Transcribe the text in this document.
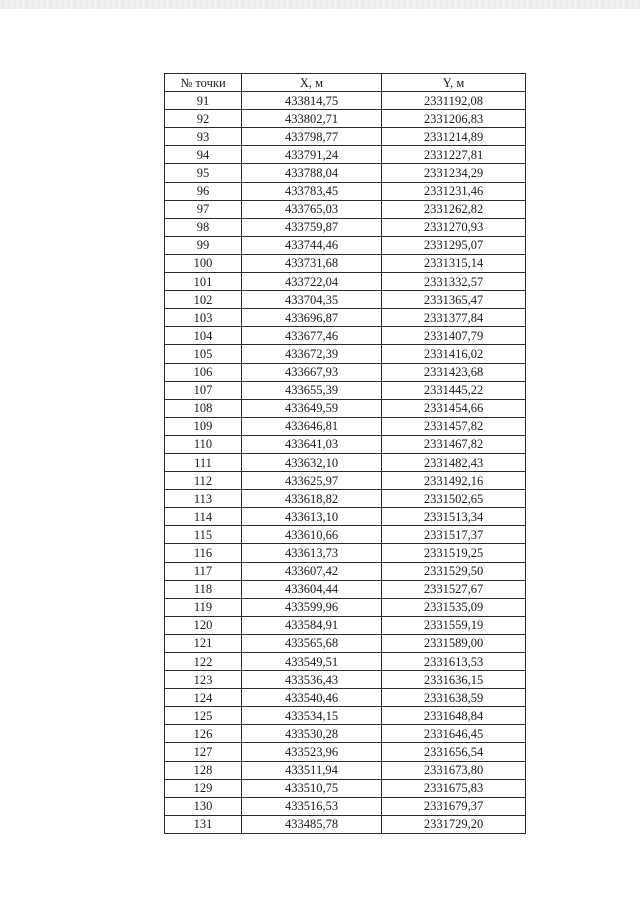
№ точки	X, м	Y, м
91	433814,75	2331192,08
92	433802,71	2331206,83
93	433798,77	2331214,89
94	433791,24	2331227,81
95	433788,04	2331234,29
96	433783,45	2331231,46
97	433765,03	2331262,82
98	433759,87	2331270,93
99	433744,46	2331295,07
100	433731,68	2331315,14
101	433722,04	2331332,57
102	433704,35	2331365,47
103	433696,87	2331377,84
104	433677,46	2331407,79
105	433672,39	2331416,02
106	433667,93	2331423,68
107	433655,39	2331445,22
108	433649,59	2331454,66
109	433646,81	2331457,82
110	433641,03	2331467,82
111	433632,10	2331482,43
112	433625,97	2331492,16
113	433618,82	2331502,65
114	433613,10	2331513,34
115	433610,66	2331517,37
116	433613,73	2331519,25
117	433607,42	2331529,50
118	433604,44	2331527,67
119	433599,96	2331535,09
120	433584,91	2331559,19
121	433565,68	2331589,00
122	433549,51	2331613,53
123	433536,43	2331636,15
124	433540,46	2331638,59
125	433534,15	2331648,84
126	433530,28	2331646,45
127	433523,96	2331656,54
128	433511,94	2331673,80
129	433510,75	2331675,83
130	433516,53	2331679,37
131	433485,78	2331729,20
